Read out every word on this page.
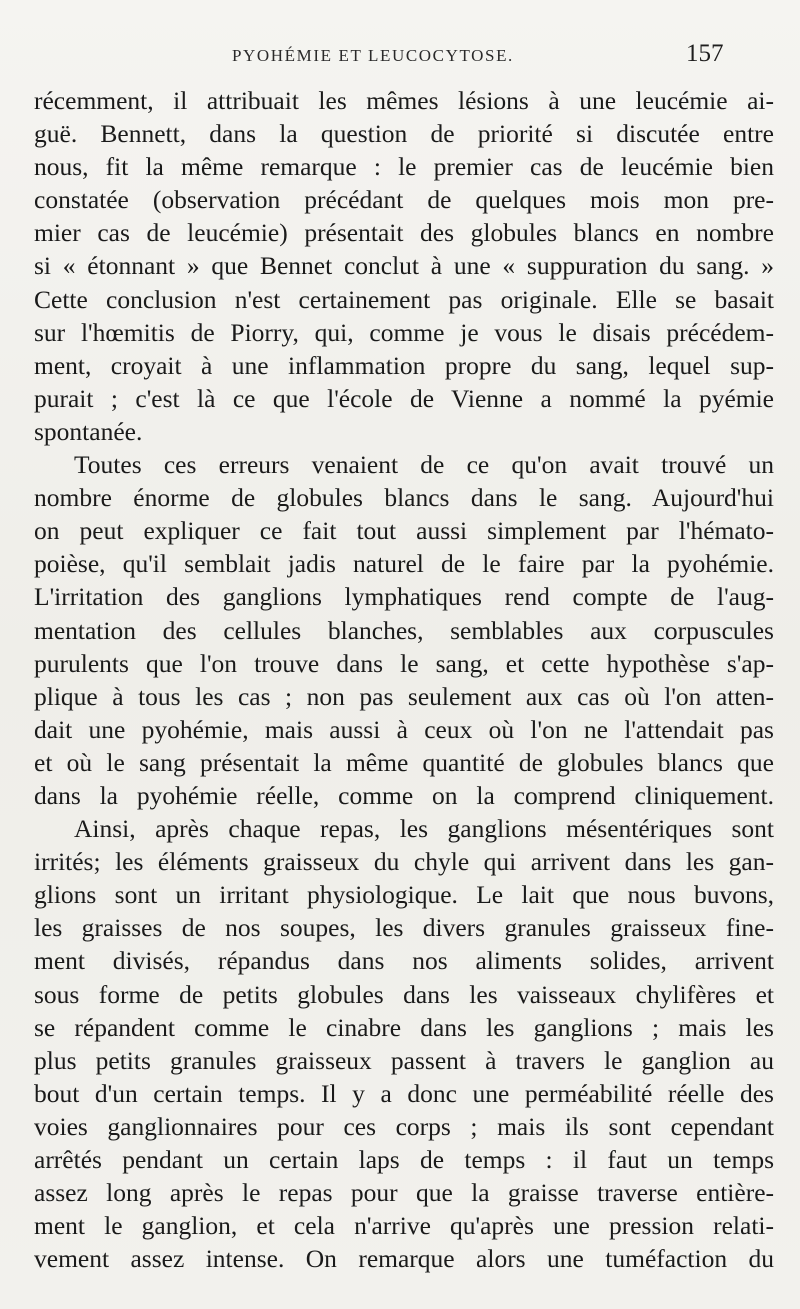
PYOHÉMIE ET LEUCOCYTOSE.	157
récemment, il attribuait les mêmes lésions à une leucémie ai-
guë. Bennett, dans la question de priorité si discutée entre
nous, fit la même remarque : le premier cas de leucémie bien
constatée (observation précédant de quelques mois mon pre-
mier cas de leucémie) présentait des globules blancs en nombre
si « étonnant » que Bennet conclut à une « suppuration du sang. »
Cette conclusion n'est certainement pas originale. Elle se basait
sur l'hœmitis de Piorry, qui, comme je vous le disais précédem-
ment, croyait à une inflammation propre du sang, lequel sup-
purait ; c'est là ce que l'école de Vienne a nommé la pyémie
spontanée.
Toutes ces erreurs venaient de ce qu'on avait trouvé un
nombre énorme de globules blancs dans le sang. Aujourd'hui
on peut expliquer ce fait tout aussi simplement par l'hémato-
poièse, qu'il semblait jadis naturel de le faire par la pyohémie.
L'irritation des ganglions lymphatiques rend compte de l'aug-
mentation des cellules blanches, semblables aux corpuscules
purulents que l'on trouve dans le sang, et cette hypothèse s'ap-
plique à tous les cas ; non pas seulement aux cas où l'on atten-
dait une pyohémie, mais aussi à ceux où l'on ne l'attendait pas
et où le sang présentait la même quantité de globules blancs que
dans la pyohémie réelle, comme on la comprend cliniquement.
Ainsi, après chaque repas, les ganglions mésentériques sont
irrités; les éléments graisseux du chyle qui arrivent dans les gan-
glions sont un irritant physiologique. Le lait que nous buvons,
les graisses de nos soupes, les divers granules graisseux fine-
ment divisés, répandus dans nos aliments solides, arrivent
sous forme de petits globules dans les vaisseaux chylifères et
se répandent comme le cinabre dans les ganglions ; mais les
plus petits granules graisseux passent à travers le ganglion au
bout d'un certain temps. Il y a donc une perméabilité réelle des
voies ganglionnaires pour ces corps ; mais ils sont cependant
arrêtés pendant un certain laps de temps : il faut un temps
assez long après le repas pour que la graisse traverse entière-
ment le ganglion, et cela n'arrive qu'après une pression relati-
vement assez intense. On remarque alors une tuméfaction du
